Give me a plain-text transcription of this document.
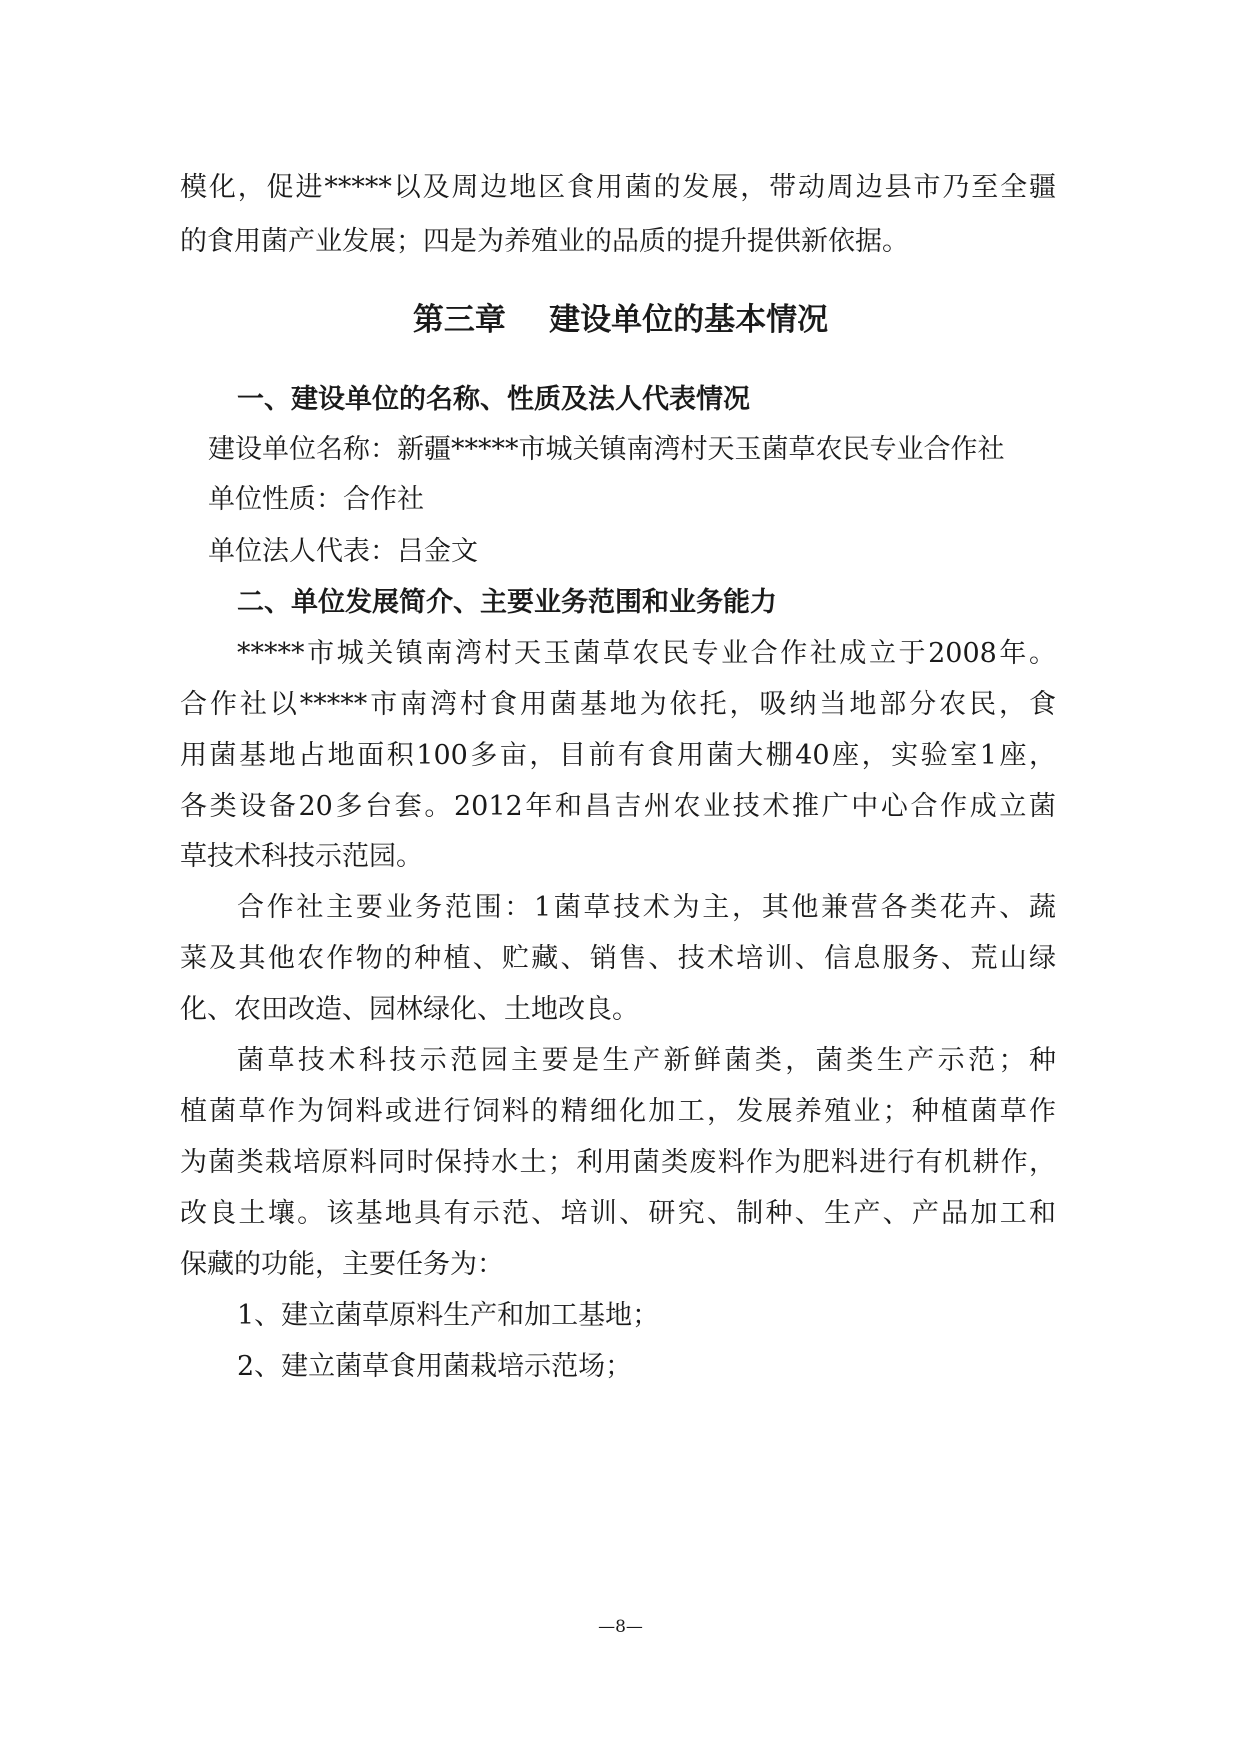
模化，促进*****以及周边地区食用菌的发展，带动周边县市乃至全疆
的食用菌产业发展；四是为养殖业的品质的提升提供新依据。
第三章    建设单位的基本情况
一、建设单位的名称、性质及法人代表情况
建设单位名称：新疆*****市城关镇南湾村天玉菌草农民专业合作社
单位性质：合作社
单位法人代表：吕金文
二、单位发展简介、主要业务范围和业务能力
*****市城关镇南湾村天玉菌草农民专业合作社成立于2008年。
合作社以*****市南湾村食用菌基地为依托，吸纳当地部分农民，食
用菌基地占地面积100多亩，目前有食用菌大棚40座，实验室1座，
各类设备20多台套。2012年和昌吉州农业技术推广中心合作成立菌
草技术科技示范园。
合作社主要业务范围：1菌草技术为主，其他兼营各类花卉、蔬
菜及其他农作物的种植、贮藏、销售、技术培训、信息服务、荒山绿
化、农田改造、园林绿化、土地改良。
菌草技术科技示范园主要是生产新鲜菌类，菌类生产示范；种
植菌草作为饲料或进行饲料的精细化加工，发展养殖业；种植菌草作
为菌类栽培原料同时保持水土；利用菌类废料作为肥料进行有机耕作，
改良土壤。该基地具有示范、培训、研究、制种、生产、产品加工和
保藏的功能，主要任务为：
1、建立菌草原料生产和加工基地；
2、建立菌草食用菌栽培示范场；
—8—
